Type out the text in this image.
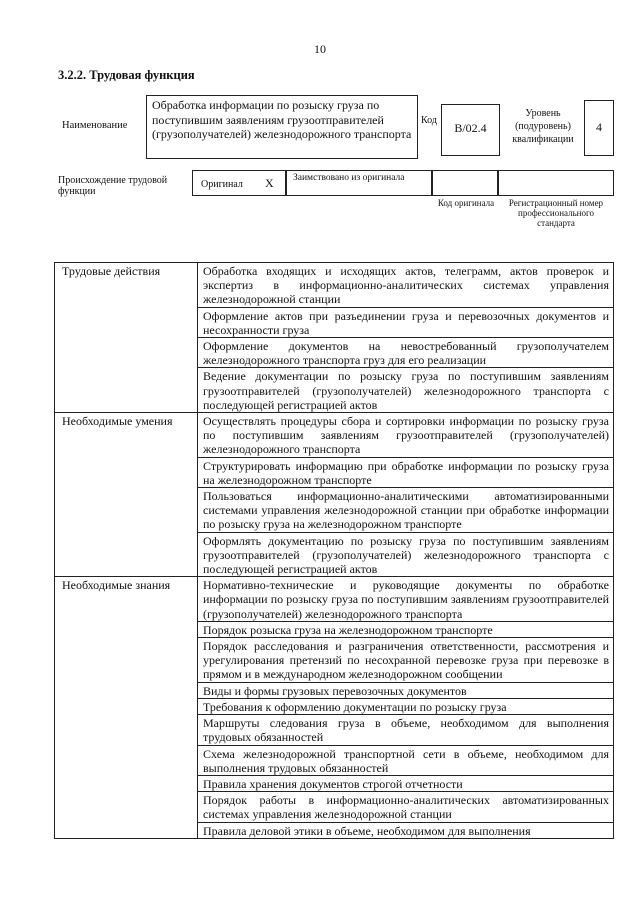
10
3.2.2. Трудовая функция
Наименование
Обработка информации по розыску груза по поступившим заявлениям грузоотправителей (грузополучателей) железнодорожного транспорта
Код
В/02.4
Уровень (подуровень) квалификации
4
Происхождение трудовой функции
Оригинал Х Заимствовано из оригинала
Код оригинала	Регистрационный номер профессионального стандарта
Трудовые действия	Обработка входящих и исходящих актов, телеграмм, актов проверок и экспертиз в информационно-аналитических системах управления железнодорожной станции
	Оформление актов при разъединении груза и перевозочных документов и несохранности груза
	Оформление документов на невостребованный грузополучателем железнодорожного транспорта груз для его реализации
	Ведение документации по розыску груза по поступившим заявлениям грузоотправителей (грузополучателей) железнодорожного транспорта с последующей регистрацией актов
Необходимые умения	Осуществлять процедуры сбора и сортировки информации по розыску груза по поступившим заявлениям грузоотправителей (грузополучателей) железнодорожного транспорта
	Структурировать информацию при обработке информации по розыску груза на железнодорожном транспорте
	Пользоваться информационно-аналитическими автоматизированными системами управления железнодорожной станции при обработке информации по розыску груза на железнодорожном транспорте
	Оформлять документацию по розыску груза по поступившим заявлениям грузоотправителей (грузополучателей) железнодорожного транспорта с последующей регистрацией актов
Необходимые знания	Нормативно-технические и руководящие документы по обработке информации по розыску груза по поступившим заявлениям грузоотправителей (грузополучателей) железнодорожного транспорта
	Порядок розыска груза на железнодорожном транспорте
	Порядок расследования и разграничения ответственности, рассмотрения и урегулирования претензий по несохранной перевозке груза при перевозке в прямом и в международном железнодорожном сообщении
	Виды и формы грузовых перевозочных документов
	Требования к оформлению документации по розыску груза
	Маршруты следования груза в объеме, необходимом для выполнения трудовых обязанностей
	Схема железнодорожной транспортной сети в объеме, необходимом для выполнения трудовых обязанностей
	Правила хранения документов строгой отчетности
	Порядок работы в информационно-аналитических автоматизированных системах управления железнодорожной станции
	Правила деловой этики в объеме, необходимом для выполнения
